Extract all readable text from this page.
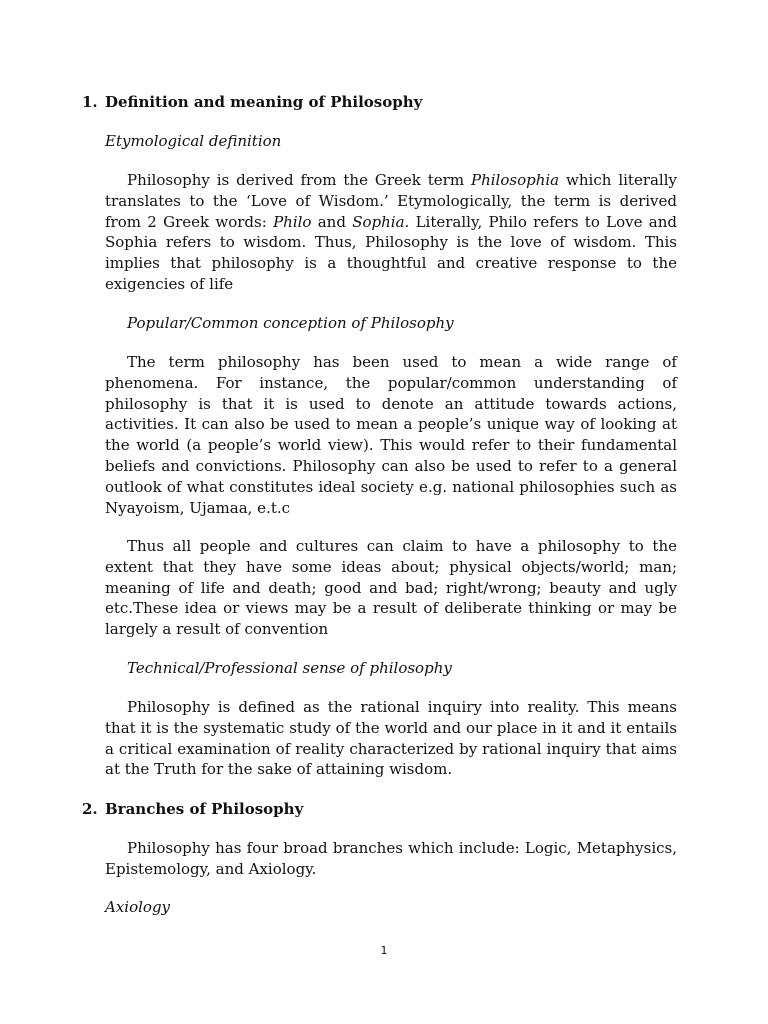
1. Definition and meaning of Philosophy
Etymological definition

Philosophy is derived from the Greek term Philosophia which literally translates to the ‘Love of Wisdom.’ Etymologically, the term is derived from 2 Greek words: Philo and Sophia. Literally, Philo refers to Love and Sophia refers to wisdom. Thus, Philosophy is the love of wisdom. This implies that philosophy is a thoughtful and creative response to the exigencies of life

Popular/Common conception of Philosophy

The term philosophy has been used to mean a wide range of phenomena. For instance, the popular/common understanding of philosophy is that it is used to denote an attitude towards actions, activities. It can also be used to mean a people’s unique way of looking at the world (a people’s world view). This would refer to their fundamental beliefs and convictions. Philosophy can also be used to refer to a general outlook of what constitutes ideal society e.g. national philosophies such as Nyayoism, Ujamaa, e.t.c

Thus all people and cultures can claim to have a philosophy to the extent that they have some ideas about; physical objects/world; man; meaning of life and death; good and bad; right/wrong; beauty and ugly etc.These idea or views may be a result of deliberate thinking or may be largely a result of convention

Technical/Professional sense of philosophy

Philosophy is defined as the rational inquiry into reality. This means that it is the systematic study of the world and our place in it and it entails a critical examination of reality characterized by rational inquiry that aims at the Truth for the sake of attaining wisdom.

2. Branches of Philosophy

Philosophy has four broad branches which include: Logic, Metaphysics, Epistemology, and Axiology.

Axiology
1
